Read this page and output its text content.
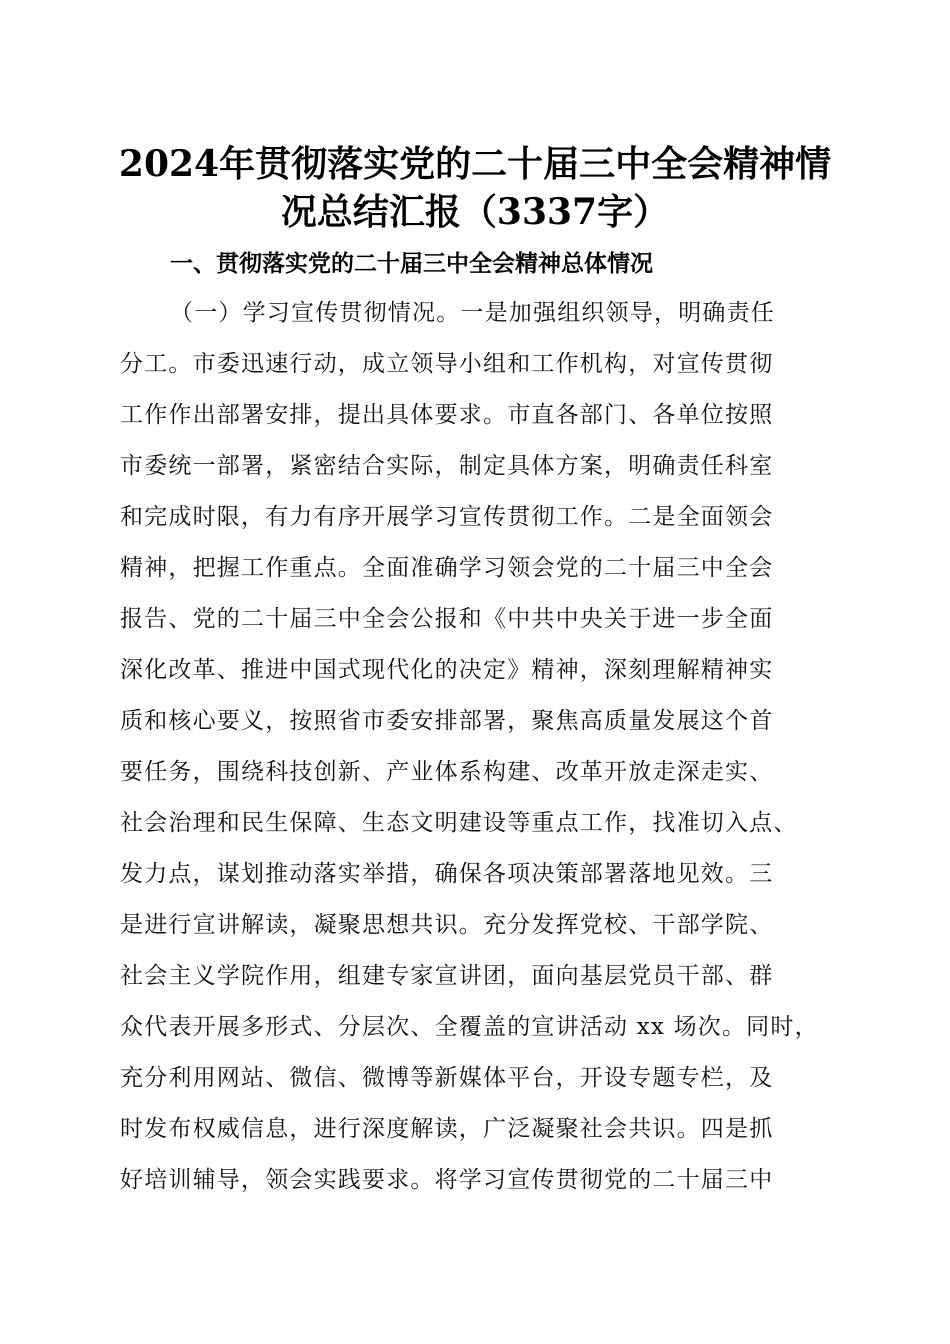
2024年贯彻落实党的二十届三中全会精神情
况总结汇报（3337字）
一、贯彻落实党的二十届三中全会精神总体情况
（一）学习宣传贯彻情况。一是加强组织领导，明确责任
分工。市委迅速行动，成立领导小组和工作机构，对宣传贯彻
工作作出部署安排，提出具体要求。市直各部门、各单位按照
市委统一部署，紧密结合实际，制定具体方案，明确责任科室
和完成时限，有力有序开展学习宣传贯彻工作。二是全面领会
精神，把握工作重点。全面准确学习领会党的二十届三中全会
报告、党的二十届三中全会公报和《中共中央关于进一步全面
深化改革、推进中国式现代化的决定》精神，深刻理解精神实
质和核心要义，按照省市委安排部署，聚焦高质量发展这个首
要任务，围绕科技创新、产业体系构建、改革开放走深走实、
社会治理和民生保障、生态文明建设等重点工作，找准切入点、
发力点，谋划推动落实举措，确保各项决策部署落地见效。三
是进行宣讲解读，凝聚思想共识。充分发挥党校、干部学院、
社会主义学院作用，组建专家宣讲团，面向基层党员干部、群
众代表开展多形式、分层次、全覆盖的宣讲活动 xx 场次。同时，
充分利用网站、微信、微博等新媒体平台，开设专题专栏，及
时发布权威信息，进行深度解读，广泛凝聚社会共识。四是抓
好培训辅导，领会实践要求。将学习宣传贯彻党的二十届三中
